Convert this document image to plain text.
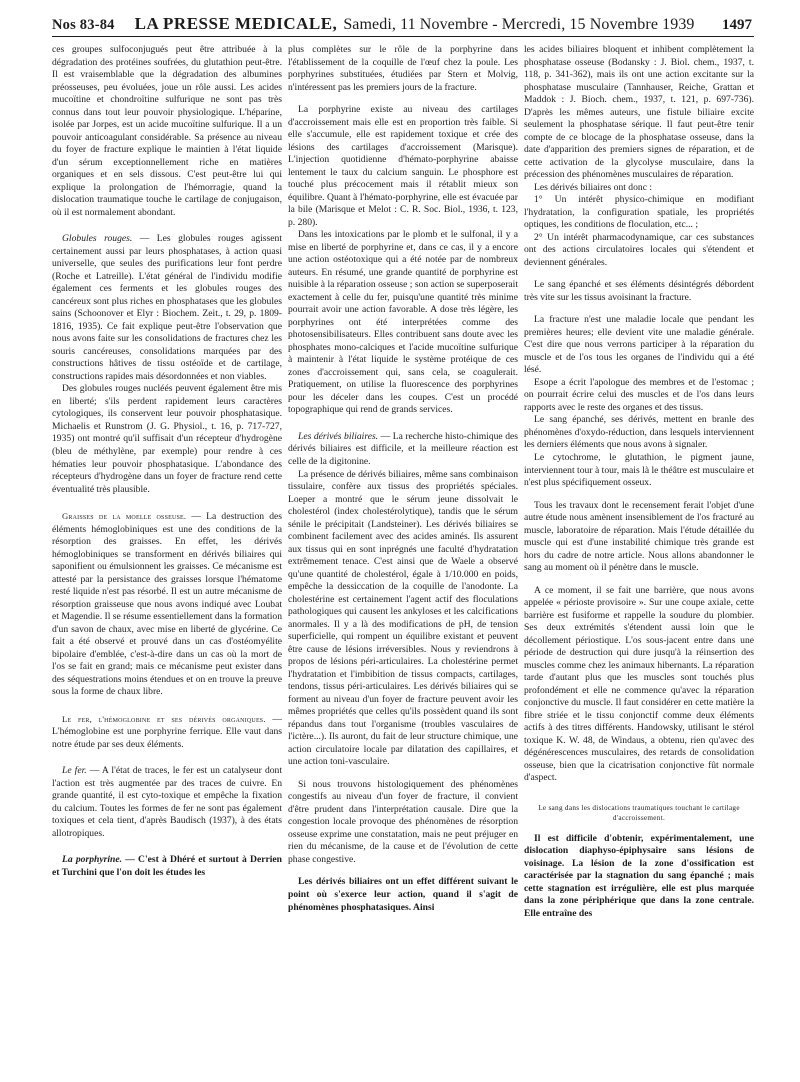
Nos 83-84 LA PRESSE MEDICALE, Samedi, 11 Novembre - Mercredi, 15 Novembre 1939 1497

ces groupes sulfoconjugués peut être attribuée à la dégradation des protéines soufrées, du glutathion peut-être. Il est vraisemblable que la dégradation des albumines préosseuses, peu évoluées, joue un rôle aussi. Les acides mucoïtine et chondroïtine sulfurique ne sont pas très connus dans tout leur pouvoir physiologique. L'héparine, isolée par Jorpes, est un acide mucoïtine sulfurique. Il a un pouvoir anticoagulant considérable. Sa présence au niveau du foyer de fracture explique le maintien à l'état liquide d'un sérum exceptionnellement riche en matières organiques et en sels dissous. C'est peut-être lui qui explique la prolongation de l'hémorragie, quand la dislocation traumatique touche le cartilage de conjugaison, où il est normalement abondant.

Globules rouges. — Les globules rouges agissent certainement aussi par leurs phosphatases, à action quasi universelle, que seules des purifications leur font perdre (Roche et Latreille). L'état général de l'individu modifie également ces ferments et les globules rouges des cancéreux sont plus riches en phosphatases que les globules sains (Schoonover et Elyr : Biochem. Zeit., t. 29, p. 1809-1816, 1935). Ce fait explique peut-être l'observation que nous avons faite sur les consolidations de fractures chez les souris cancéreuses, consolidations marquées par des constructions hâtives de tissu ostéoïde et de cartilage, constructions rapides mais désordonnées et non viables.

Des globules rouges nucléés peuvent également être mis en liberté; s'ils perdent rapidement leurs caractères cytologiques, ils conservent leur pouvoir phosphatasique. Michaelis et Runstrom (J. G. Physiol., t. 16, p. 717-727, 1935) ont montré qu'il suffisait d'un récepteur d'hydrogène (bleu de méthylène, par exemple) pour rendre à ces hématies leur pouvoir phosphatasique. L'abondance des récepteurs d'hydrogène dans un foyer de fracture rend cette éventualité très plausible.

Graisses de la moelle osseuse. — La destruction des éléments hémoglobiniques est une des conditions de la résorption des graisses. En effet, les dérivés hémoglobiniques se transforment en dérivés biliaires qui saponifient ou émulsionnent les graisses. Ce mécanisme est attesté par la persistance des graisses lorsque l'hématome resté liquide n'est pas résorbé. Il est un autre mécanisme de résorption graisseuse que nous avons indiqué avec Loubat et Magendie. Il se résume essentiellement dans la formation d'un savon de chaux, avec mise en liberté de glycérine. Ce fait a été observé et prouvé dans un cas d'ostéomyélite bipolaire d'emblée, c'est-à-dire dans un cas où la mort de l'os se fait en grand; mais ce mécanisme peut exister dans des séquestrations moins étendues et on en trouve la preuve sous la forme de chaux libre.

Le fer, l'hémoglobine et ses dérivés organiques. — L'hémoglobine est une porphyrine ferrique. Elle vaut dans notre étude par ses deux éléments.

Le fer. — A l'état de traces, le fer est un catalyseur dont l'action est très augmentée par des traces de cuivre. En grande quantité, il est cyto-toxique et empêche la fixation du calcium. Toutes les formes de fer ne sont pas également toxiques et cela tient, d'après Baudisch (1937), à des états allotropiques.

La porphyrine. — C'est à Dhéré et surtout à Derrien et Turchini que l'on doit les études les

plus complètes sur le rôle de la porphyrine dans l'établissement de la coquille de l'œuf chez la poule. Les porphyrines substituées, étudiées par Stern et Molvig, n'intéressent pas les premiers jours de la fracture.

La porphyrine existe au niveau des cartilages d'accroissement mais elle est en proportion très faible. Si elle s'accumule, elle est rapidement toxique et crée des lésions des cartilages d'accroissement (Marisque). L'injection quotidienne d'hémato-porphyrine abaisse lentement le taux du calcium sanguin. Le phosphore est touché plus précocement mais il rétablit mieux son équilibre. Quant à l'hémato-porphyrine, elle est évacuée par la bile (Marisque et Melot : C. R. Soc. Biol., 1936, t. 123, p. 280).

Dans les intoxications par le plomb et le sulfonal, il y a mise en liberté de porphyrine et, dans ce cas, il y a encore une action ostéotoxique qui a été notée par de nombreux auteurs. En résumé, une grande quantité de porphyrine est nuisible à la réparation osseuse ; son action se superposerait exactement à celle du fer, puisqu'une quantité très minime pourrait avoir une action favorable. A dose très légère, les porphyrines ont été interprétées comme des photosensibilisateurs. Elles contribuent sans doute avec les phosphates mono-calciques et l'acide mucoïtine sulfurique à maintenir à l'état liquide le système protéique de ces zones d'accroissement qui, sans cela, se coagulerait. Pratiquement, on utilise la fluorescence des porphyrines pour les déceler dans les coupes. C'est un procédé topographique qui rend de grands services.

Les dérivés biliaires. — La recherche histo-chimique des dérivés biliaires est difficile, et la meilleure réaction est celle de la digitonine.

La présence de dérivés biliaires, même sans combinaison tissulaire, confère aux tissus des propriétés spéciales. Loeper a montré que le sérum jeune dissolvait le cholestérol (index cholestérolytique), tandis que le sérum sénile le précipitait (Landsteiner). Les dérivés biliaires se combinent facilement avec des acides aminés. Ils assurent aux tissus qui en sont inprégnés une faculté d'hydratation extrêmement tenace. C'est ainsi que de Waele a observé qu'une quantité de cholestérol, égale à 1/10.000 en poids, empêche la dessiccation de la coquille de l'anodonte. La cholestérine est certainement l'agent actif des floculations pathologiques qui causent les ankyloses et les calcifications anormales. Il y a là des modifications de pH, de tension superficielle, qui rompent un équilibre existant et peuvent être cause de lésions irréversibles. Nous y reviendrons à propos de lésions péri-articulaires. La cholestérine permet l'hydratation et l'imbibition de tissus compacts, cartilages, tendons, tissus péri-articulaires. Les dérivés biliaires qui se forment au niveau d'un foyer de fracture peuvent avoir les mêmes propriétés que celles qu'ils possèdent quand ils sont répandus dans tout l'organisme (troubles vasculaires de l'ictère...). Ils auront, du fait de leur structure chimique, une action circulatoire locale par dilatation des capillaires, et une action toni-vasculaire.

Si nous trouvons histologiquement des phénomènes congestifs au niveau d'un foyer de fracture, il convient d'être prudent dans l'interprétation causale. Dire que la congestion locale provoque des phénomènes de résorption osseuse exprime une constatation, mais ne peut préjuger en rien du mécanisme, de la cause et de l'évolution de cette phase congestive.

Les dérivés biliaires ont un effet différent suivant le point où s'exerce leur action, quand il s'agit de phénomènes phosphatasiques. Ainsi

les acides biliaires bloquent et inhibent complètement la phosphatase osseuse (Bodansky : J. Biol. chem., 1937, t. 118, p. 341-362), mais ils ont une action excitante sur la phosphatase musculaire (Tannhauser, Reiche, Grattan et Maddok : J. Bioch. chem., 1937, t. 121, p. 697-736). D'après les mêmes auteurs, une fistule biliaire excite seulement la phosphatase sérique. Il faut peut-être tenir compte de ce blocage de la phosphatase osseuse, dans la date d'apparition des premiers signes de réparation, et de cette activation de la glycolyse musculaire, dans la précession des phénomènes musculaires de réparation.

Les dérivés biliaires ont donc :

1° Un intérêt physico-chimique en modifiant l'hydratation, la configuration spatiale, les propriétés optiques, les conditions de floculation, etc... ;

2° Un intérêt pharmacodynamique, car ces substances ont des actions circulatoires locales qui s'étendent et deviennent générales.

Le sang épanché et ses éléments désintégrés débordent très vite sur les tissus avoisinant la fracture.

La fracture n'est une maladie locale que pendant les premières heures; elle devient vite une maladie générale. C'est dire que nous verrons participer à la réparation du muscle et de l'os tous les organes de l'individu qui a été lésé.

Esope a écrit l'apologue des membres et de l'estomac ; on pourrait écrire celui des muscles et de l'os dans leurs rapports avec le reste des organes et des tissus.

Le sang épanché, ses dérivés, mettent en branle des phénomènes d'oxydo-réduction, dans lesquels interviennent les derniers éléments que nous avons à signaler.

Le cytochrome, le glutathion, le pigment jaune, interviennent tour à tour, mais là le théâtre est musculaire et n'est plus spécifiquement osseux.

Tous les travaux dont le recensement ferait l'objet d'une autre étude nous amènent insensiblement de l'os fracturé au muscle, laboratoire de réparation. Mais l'étude détaillée du muscle qui est d'une instabilité chimique très grande est hors du cadre de notre article. Nous allons abandonner le sang au moment où il pénètre dans le muscle.

A ce moment, il se fait une barrière, que nous avons appelée « périoste provisoire ». Sur une coupe axiale, cette barrière est fusiforme et rappelle la soudure du plombier. Ses deux extrémités s'étendent aussi loin que le décollement périostique. L'os sous-jacent entre dans une période de destruction qui dure jusqu'à la réinsertion des muscles comme chez les animaux hibernants. La réparation tarde d'autant plus que les muscles sont touchés plus profondément et elle ne commence qu'avec la réparation conjonctive du muscle. Il faut considérer en cette matière la fibre striée et le tissu conjonctif comme deux éléments actifs à des titres différents. Handowsky, utilisant le stérol toxique K. W. 48, de Windaus, a obtenu, rien qu'avec des dégénérescences musculaires, des retards de consolidation osseuse, bien que la cicatrisation conjonctive fût normale d'aspect.

Le sang dans les dislocations traumatiques touchant le cartilage d'accroissement.

Il est difficile d'obtenir, expérimentalement, une dislocation diaphyso-épiphysaire sans lésions de voisinage. La lésion de la zone d'ossification est caractérisée par la stagnation du sang épanché ; mais cette stagnation est irrégulière, elle est plus marquée dans la zone périphérique que dans la zone centrale. Elle entraîne des
